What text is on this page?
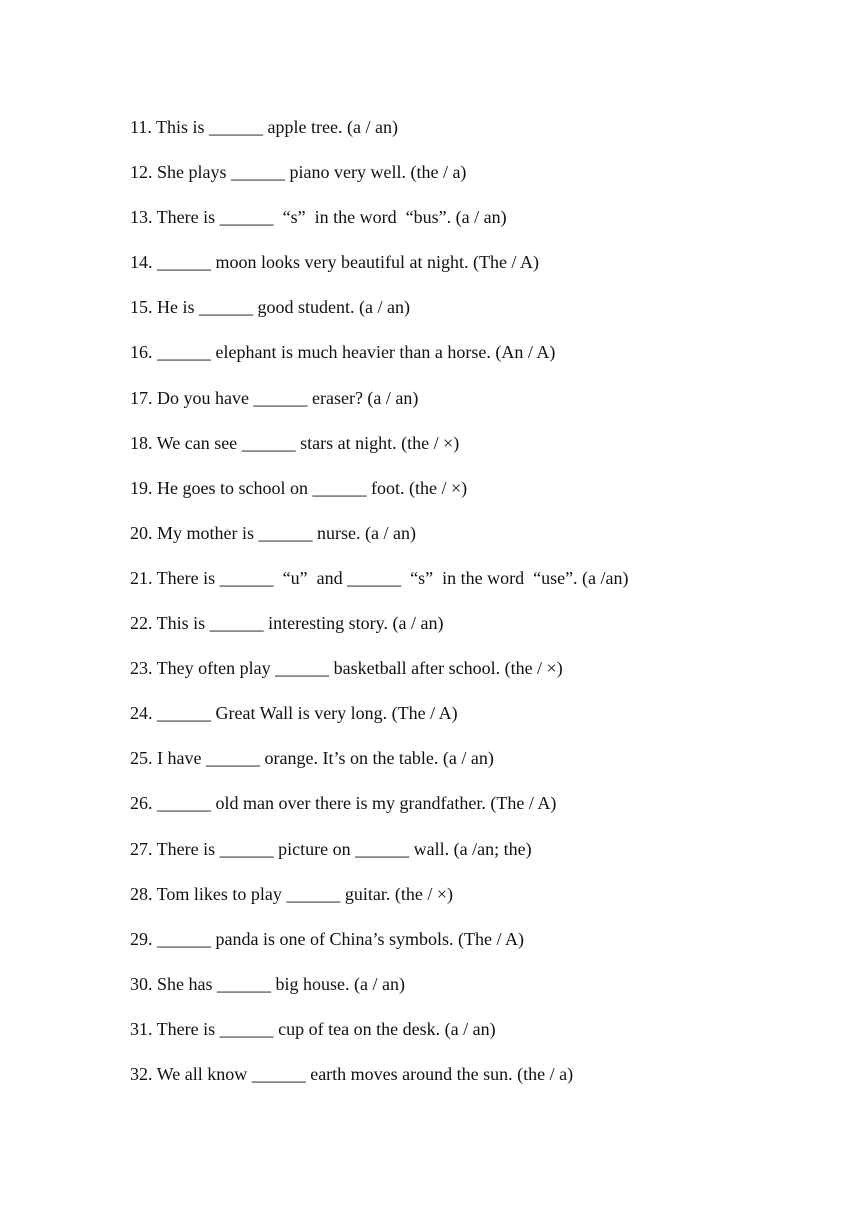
11. This is ______ apple tree. (a / an)
12. She plays ______ piano very well. (the / a)
13. There is ______  “s”  in the word  “bus”. (a / an)
14. ______ moon looks very beautiful at night. (The / A)
15. He is ______ good student. (a / an)
16. ______ elephant is much heavier than a horse. (An / A)
17. Do you have ______ eraser? (a / an)
18. We can see ______ stars at night. (the / ×)
19. He goes to school on ______ foot. (the / ×)
20. My mother is ______ nurse. (a / an)
21. There is ______  “u”  and ______  “s”  in the word  “use”. (a /an)
22. This is ______ interesting story. (a / an)
23. They often play ______ basketball after school. (the / ×)
24. ______ Great Wall is very long. (The / A)
25. I have ______ orange. It’s on the table. (a / an)
26. ______ old man over there is my grandfather. (The / A)
27. There is ______ picture on ______ wall. (a /an; the)
28. Tom likes to play ______ guitar. (the / ×)
29. ______ panda is one of China’s symbols. (The / A)
30. She has ______ big house. (a / an)
31. There is ______ cup of tea on the desk. (a / an)
32. We all know ______ earth moves around the sun. (the / a)
